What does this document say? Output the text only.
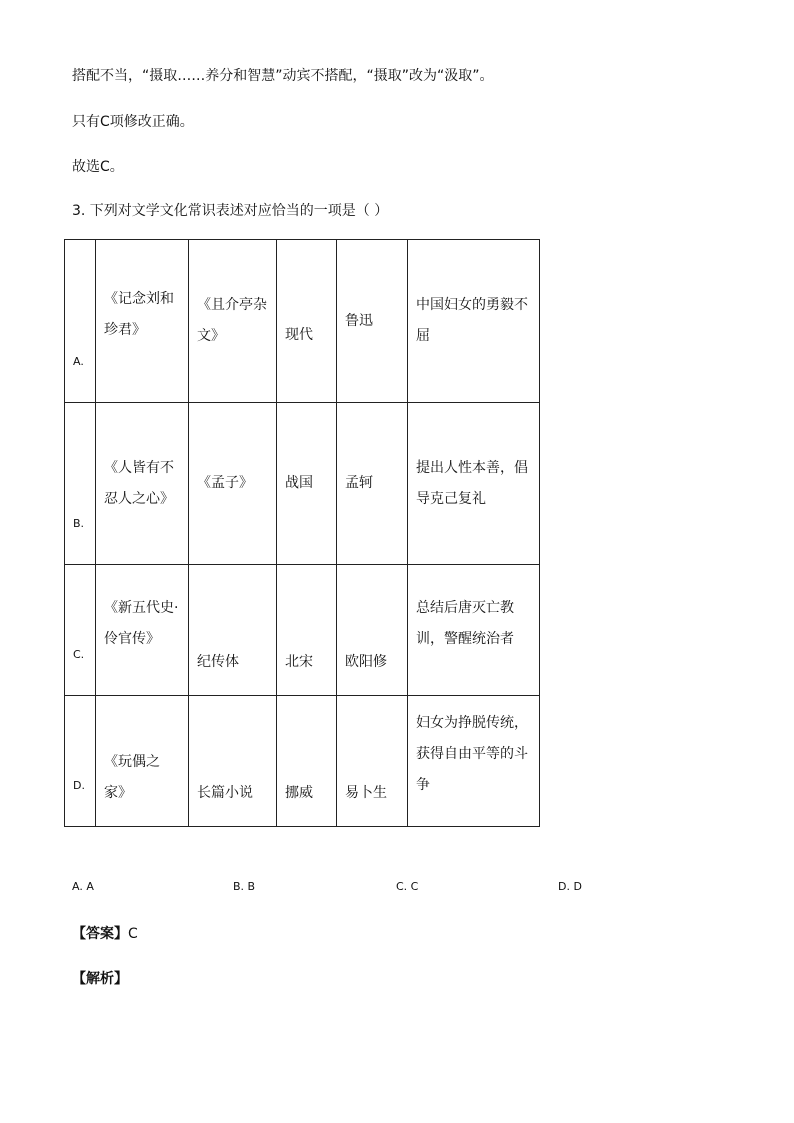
搭配不当，“摄取……养分和智慧”动宾不搭配，“摄取”改为“汲取”。
只有C项修改正确。
故选C。
3. 下列对文学文化常识表述对应恰当的一项是（ ）
A.	《记念刘和珍君》	《且介亭杂文》	现代	鲁迅	中国妇女的勇毅不屈
B.	《人皆有不忍人之心》	《孟子》	战国	孟轲	提出人性本善，倡导克己复礼
C.	《新五代史·伶官传》	纪传体	北宋	欧阳修	总结后唐灭亡教训，警醒统治者
D.	《玩偶之家》	长篇小说	挪威	易卜生	妇女为挣脱传统，获得自由平等的斗争
A. A	B. B	C. C	D. D
【答案】C
【解析】
